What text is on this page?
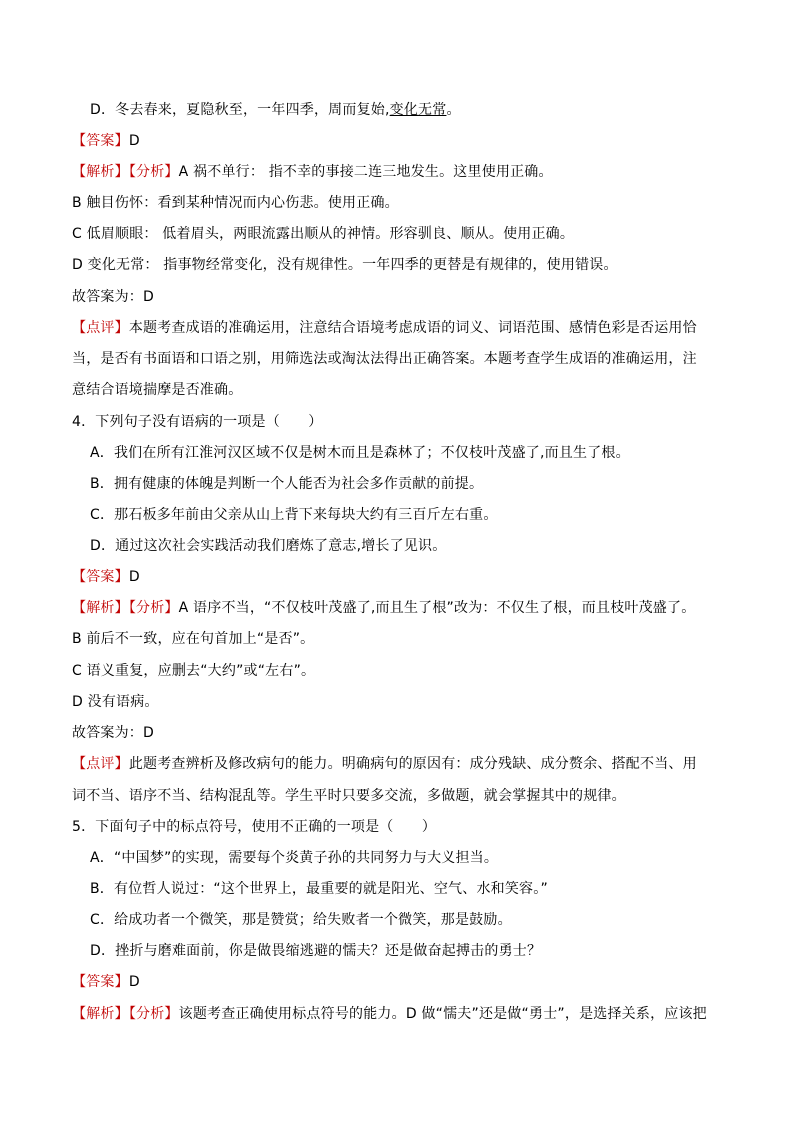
D．冬去春来，夏隐秋至，一年四季，周而复始,变化无常。
【答案】D
【解析】【分析】A 祸不单行： 指不幸的事接二连三地发生。这里使用正确。
B 触目伤怀：看到某种情况而内心伤悲。使用正确。
C 低眉顺眼： 低着眉头，两眼流露出顺从的神情。形容驯良、顺从。使用正确。
D 变化无常： 指事物经常变化，没有规律性。一年四季的更替是有规律的，使用错误。
故答案为：D
【点评】本题考查成语的准确运用，注意结合语境考虑成语的词义、词语范围、感情色彩是否运用恰
当，是否有书面语和口语之别，用筛选法或淘汰法得出正确答案。本题考查学生成语的准确运用，注
意结合语境揣摩是否准确。
4．下列句子没有语病的一项是（　　）
A．我们在所有江淮河汉区域不仅是树木而且是森林了；不仅枝叶茂盛了,而且生了根。
B．拥有健康的体魄是判断一个人能否为社会多作贡献的前提。
C．那石板多年前由父亲从山上背下来每块大约有三百斤左右重。
D．通过这次社会实践活动我们磨炼了意志,增长了见识。
【答案】D
【解析】【分析】A 语序不当，“不仅枝叶茂盛了,而且生了根”改为：不仅生了根，而且枝叶茂盛了。
B 前后不一致，应在句首加上“是否”。
C 语义重复，应删去“大约”或“左右”。
D 没有语病。
故答案为：D
【点评】此题考查辨析及修改病句的能力。明确病句的原因有：成分残缺、成分赘余、搭配不当、用
词不当、语序不当、结构混乱等。学生平时只要多交流，多做题，就会掌握其中的规律。
5．下面句子中的标点符号，使用不正确的一项是（　　）
A．“中国梦”的实现，需要每个炎黄子孙的共同努力与大义担当。
B．有位哲人说过：“这个世界上，最重要的就是阳光、空气、水和笑容。”
C．给成功者一个微笑，那是赞赏；给失败者一个微笑，那是鼓励。
D．挫折与磨难面前，你是做畏缩逃避的懦夫？还是做奋起搏击的勇士？
【答案】D
【解析】【分析】该题考查正确使用标点符号的能力。D 做“懦夫”还是做“勇士”，是选择关系，应该把
